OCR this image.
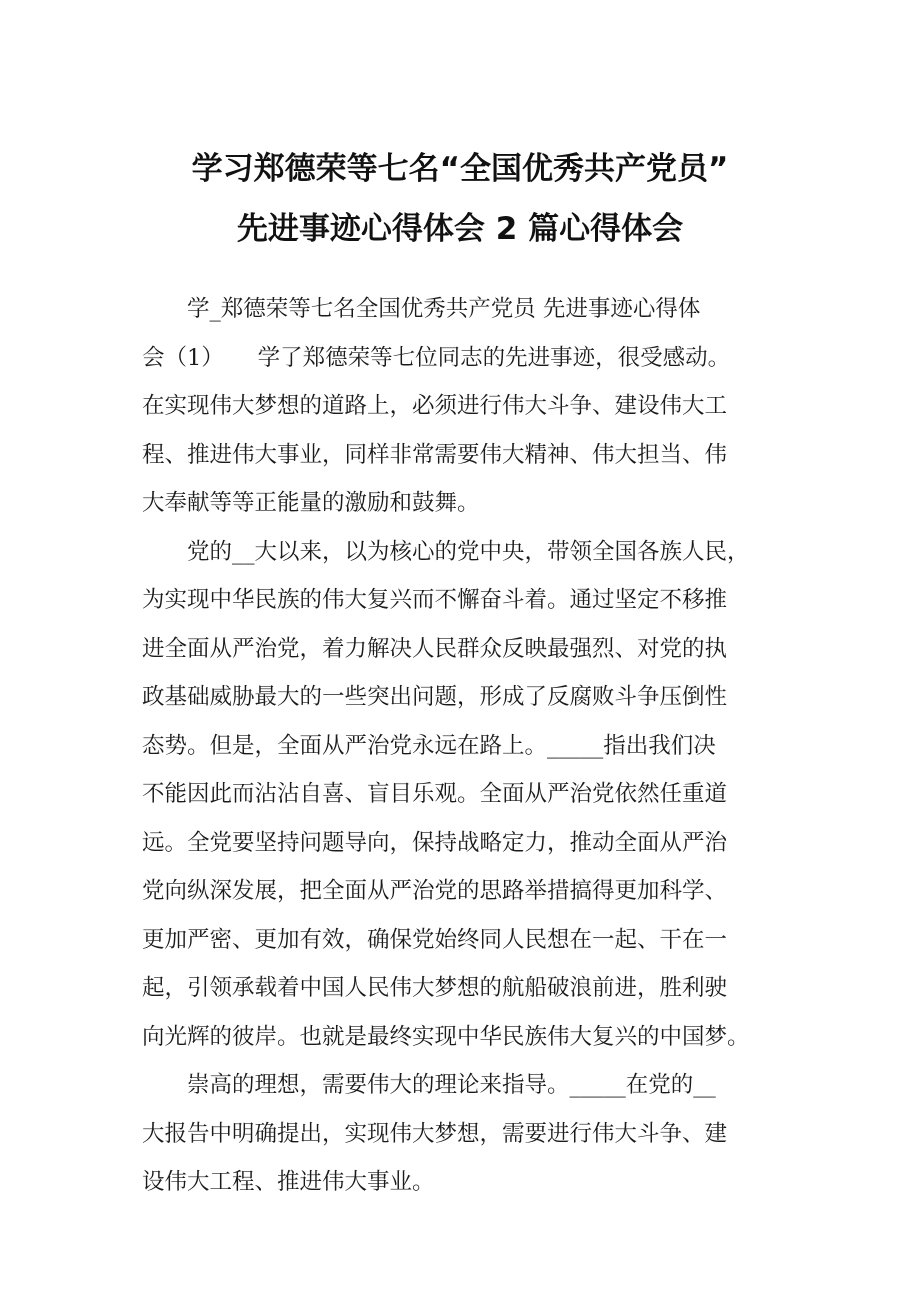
学习郑德荣等七名“全国优秀共产党员”
先进事迹心得体会 2 篇心得体会
　　学_郑德荣等七名全国优秀共产党员 先进事迹心得体
会（1）　　学了郑德荣等七位同志的先进事迹，很受感动。
在实现伟大梦想的道路上，必须进行伟大斗争、建设伟大工
程、推进伟大事业，同样非常需要伟大精神、伟大担当、伟
大奉献等等正能量的激励和鼓舞。
　　党的__大以来，以为核心的党中央，带领全国各族人民，
为实现中华民族的伟大复兴而不懈奋斗着。通过坚定不移推
进全面从严治党，着力解决人民群众反映最强烈、对党的执
政基础威胁最大的一些突出问题，形成了反腐败斗争压倒性
态势。但是，全面从严治党永远在路上。_____指出我们决
不能因此而沾沾自喜、盲目乐观。全面从严治党依然任重道
远。全党要坚持问题导向，保持战略定力，推动全面从严治
党向纵深发展，把全面从严治党的思路举措搞得更加科学、
更加严密、更加有效，确保党始终同人民想在一起、干在一
起，引领承载着中国人民伟大梦想的航船破浪前进，胜利驶
向光辉的彼岸。也就是最终实现中华民族伟大复兴的中国梦。
　　崇高的理想，需要伟大的理论来指导。_____在党的__
大报告中明确提出，实现伟大梦想，需要进行伟大斗争、建
设伟大工程、推进伟大事业。
